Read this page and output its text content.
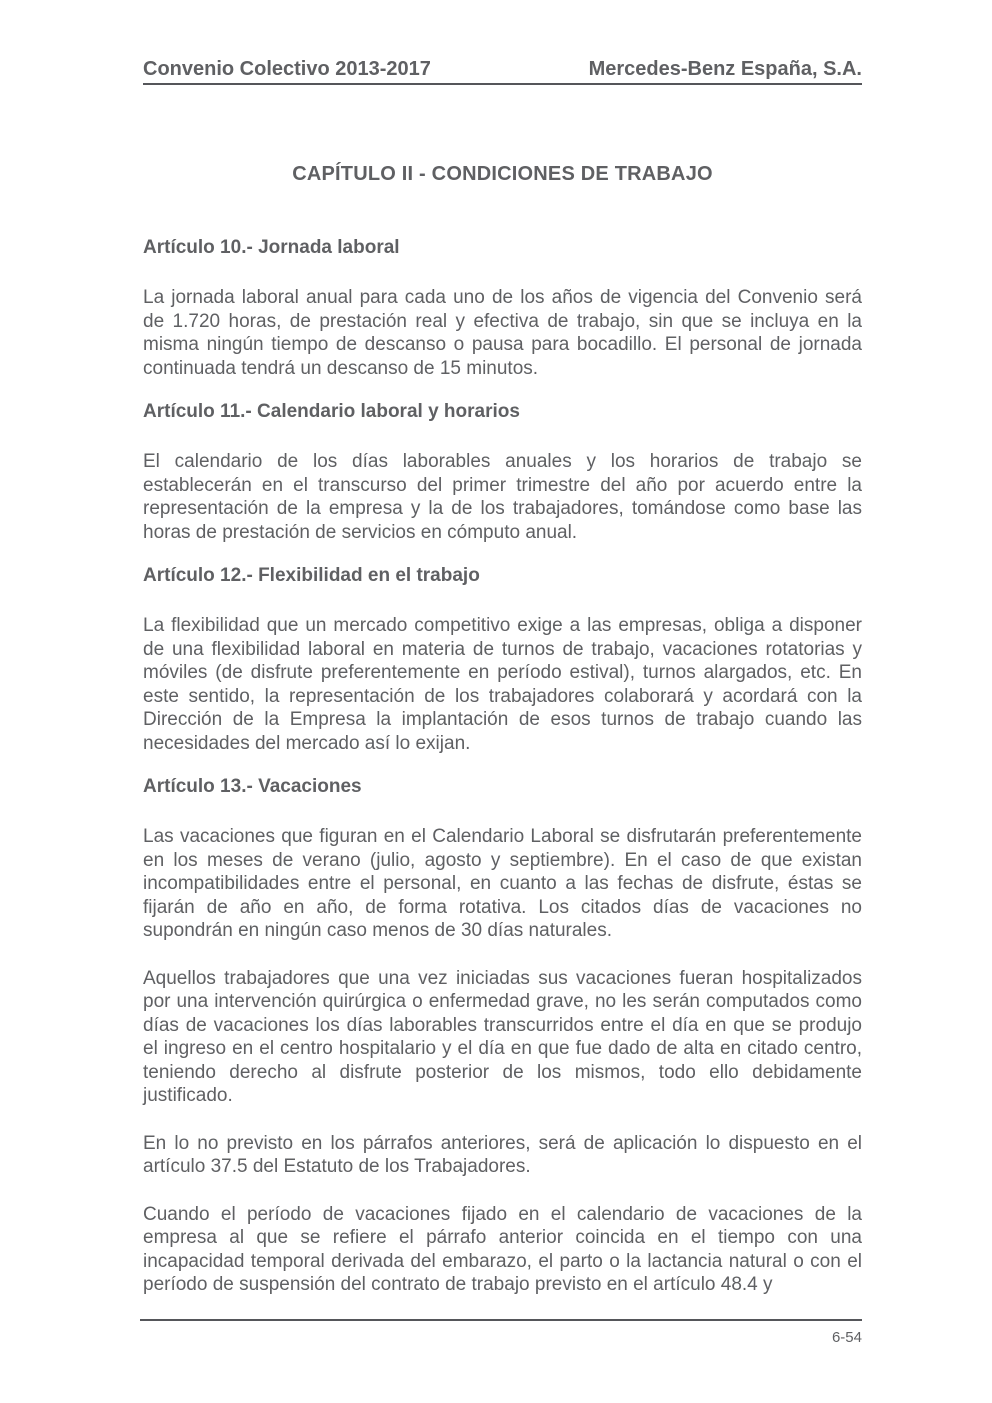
Convenio Colectivo 2013-2017	Mercedes-Benz España, S.A.
CAPÍTULO II - CONDICIONES DE TRABAJO
Artículo 10.- Jornada laboral

La jornada laboral anual para cada uno de los años de vigencia del Convenio será de 1.720 horas, de prestación real y efectiva de trabajo, sin que se incluya en la misma ningún tiempo de descanso o pausa para bocadillo. El personal de jornada continuada tendrá un descanso de 15 minutos.

Artículo 11.- Calendario laboral y horarios

El calendario de los días laborables anuales y los horarios de trabajo se establecerán en el transcurso del primer trimestre del año por acuerdo entre la representación de la empresa y la de los trabajadores, tomándose como base las horas de prestación de servicios en cómputo anual.

Artículo 12.- Flexibilidad en el trabajo

La flexibilidad que un mercado competitivo exige a las empresas, obliga a disponer de una flexibilidad laboral en materia de turnos de trabajo, vacaciones rotatorias y móviles (de disfrute preferentemente en período estival), turnos alargados, etc. En este sentido, la representación de los trabajadores colaborará y acordará con la Dirección de la Empresa la implantación de esos turnos de trabajo cuando las necesidades del mercado así lo exijan.

Artículo 13.- Vacaciones

Las vacaciones que figuran en el Calendario Laboral se disfrutarán preferentemente en los meses de verano (julio, agosto y septiembre). En el caso de que existan incompatibilidades entre el personal, en cuanto a las fechas de disfrute, éstas se fijarán de año en año, de forma rotativa. Los citados días de vacaciones no supondrán en ningún caso menos de 30 días naturales.

Aquellos trabajadores que una vez iniciadas sus vacaciones fueran hospitalizados por una intervención quirúrgica o enfermedad grave, no les serán computados como días de vacaciones los días laborables transcurridos entre el día en que se produjo el ingreso en el centro hospitalario y el día en que fue dado de alta en citado centro, teniendo derecho al disfrute posterior de los mismos, todo ello debidamente justificado.

En lo no previsto en los párrafos anteriores, será de aplicación lo dispuesto en el artículo 37.5 del Estatuto de los Trabajadores.

Cuando el período de vacaciones fijado en el calendario de vacaciones de la empresa al que se refiere el párrafo anterior coincida en el tiempo con una incapacidad temporal derivada del embarazo, el parto o la lactancia natural o con el período de suspensión del contrato de trabajo previsto en el artículo 48.4 y

6-54
